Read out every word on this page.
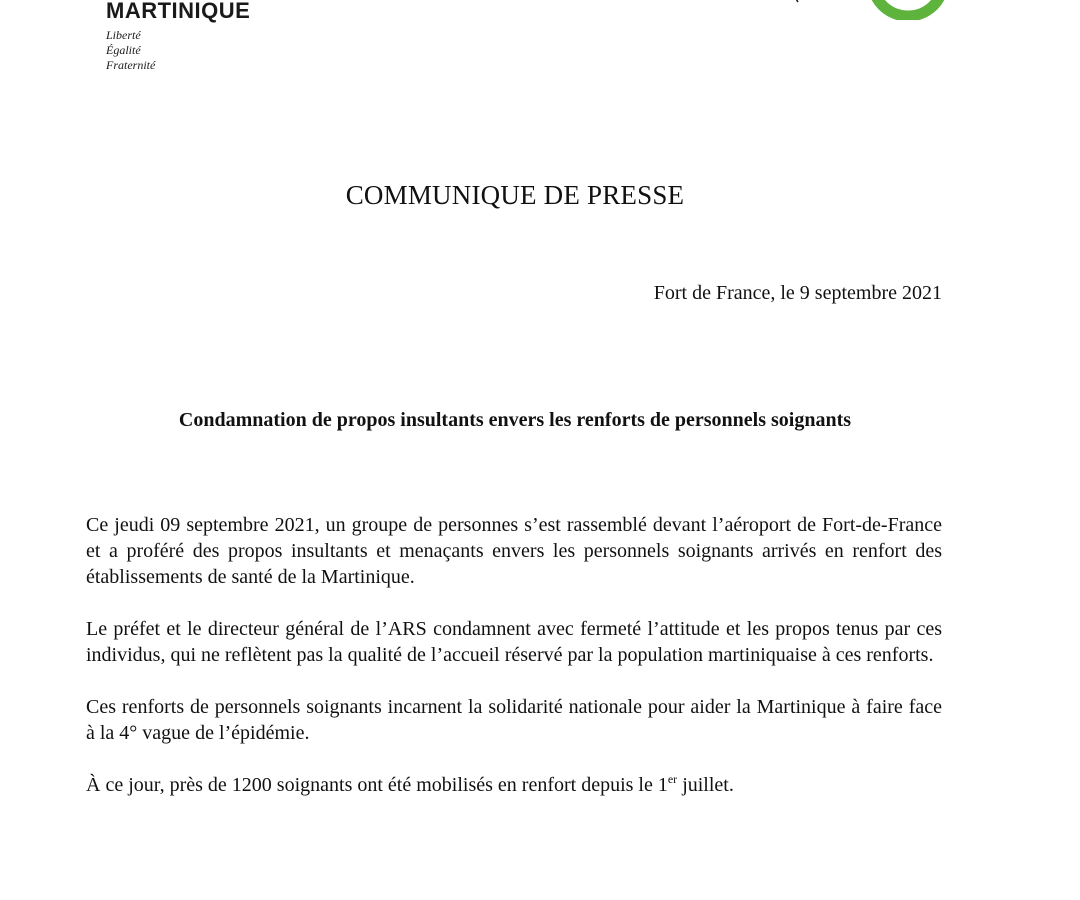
MARTINIQUE
Liberté
Égalité
Fraternité
COMMUNIQUE DE PRESSE
Fort de France, le 9 septembre 2021
Condamnation de propos insultants envers les renforts de personnels soignants

Ce jeudi 09 septembre 2021, un groupe de personnes s’est rassemblé devant l’aéroport de Fort-de-France et a proféré des propos insultants et menaçants envers les personnels soignants arrivés en renfort des établissements de santé de la Martinique.

Le préfet et le directeur général de l’ARS condamnent avec fermeté l’attitude et les propos tenus par ces individus, qui ne reflètent pas la qualité de l’accueil réservé par la population martiniquaise à ces renforts.

Ces renforts de personnels soignants incarnent la solidarité nationale pour aider la Martinique à faire face à la 4° vague de l’épidémie.

À ce jour, près de 1200 soignants ont été mobilisés en renfort depuis le 1er juillet.
